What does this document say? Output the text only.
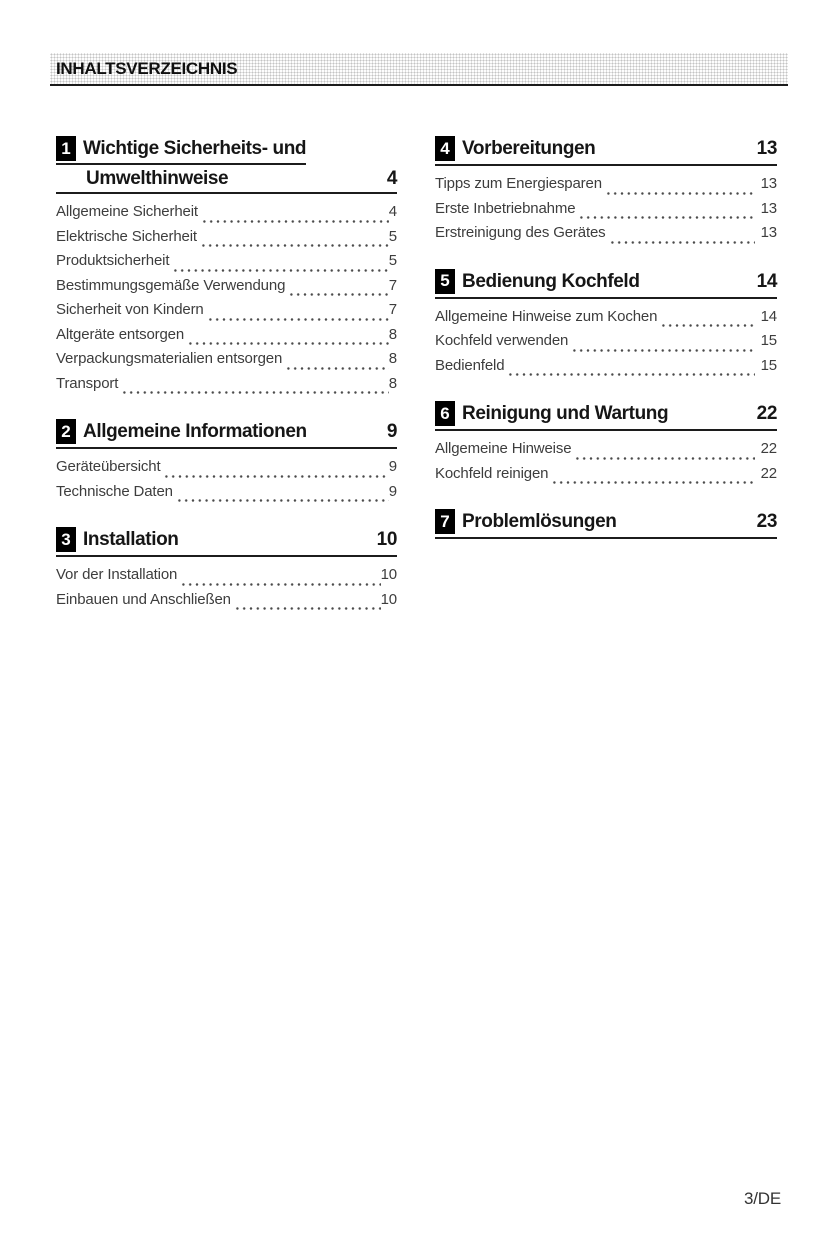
INHALTSVERZEICHNIS
1 Wichtige Sicherheits- und
Umwelthinweise	4
Allgemeine Sicherheit	4
Elektrische Sicherheit	5
Produktsicherheit	5
Bestimmungsgemäße Verwendung	7
Sicherheit von Kindern	7
Altgeräte entsorgen	8
Verpackungsmaterialien entsorgen	8
Transport	8
2 Allgemeine Informationen	9
Geräteübersicht	9
Technische Daten	9
3 Installation	10
Vor der Installation	10
Einbauen und Anschließen	10
4 Vorbereitungen	13
Tipps zum Energiesparen	13
Erste Inbetriebnahme	13
Erstreinigung des Gerätes	13
5 Bedienung Kochfeld	14
Allgemeine Hinweise zum Kochen	14
Kochfeld verwenden	15
Bedienfeld	15
6 Reinigung und Wartung	22
Allgemeine Hinweise	22
Kochfeld reinigen	22
7 Problemlösungen	23
3/DE
